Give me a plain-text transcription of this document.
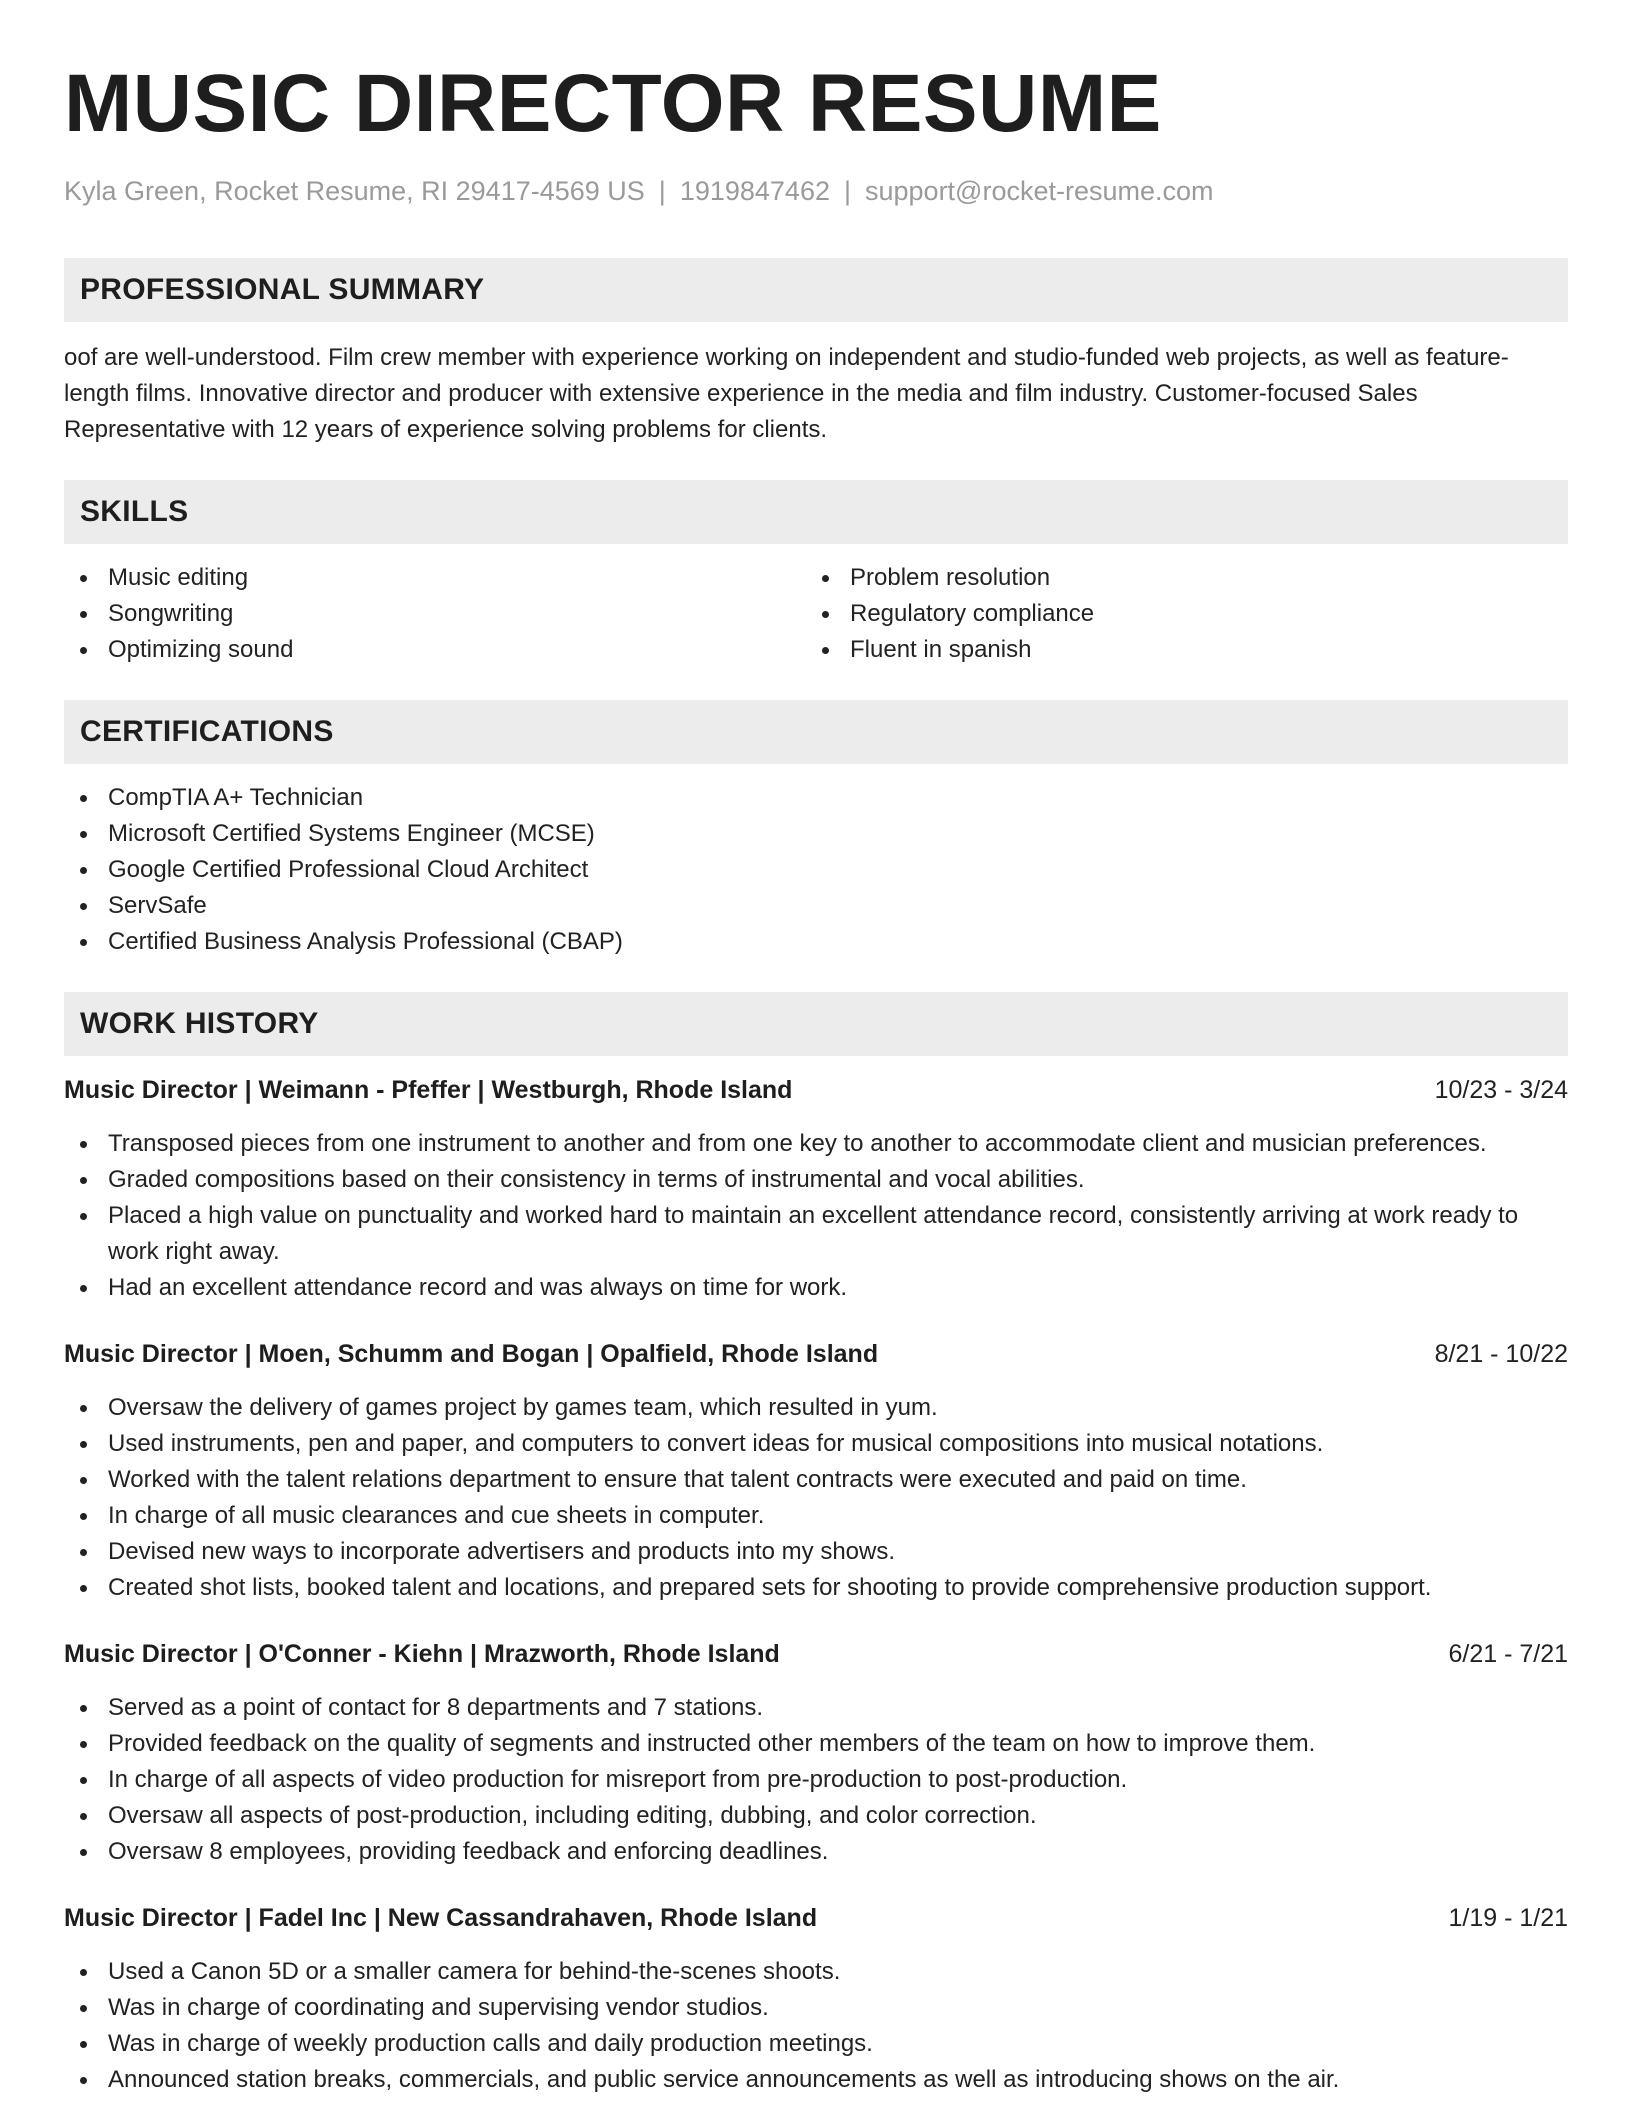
MUSIC DIRECTOR RESUME
Kyla Green, Rocket Resume, RI 29417-4569 US | 1919847462 | support@rocket-resume.com
PROFESSIONAL SUMMARY

oof are well-understood. Film crew member with experience working on independent and studio-funded web projects, as well as feature-length films. Innovative director and producer with extensive experience in the media and film industry. Customer-focused Sales Representative with 12 years of experience solving problems for clients.

SKILLS
Music editing
Songwriting
Optimizing sound
Problem resolution
Regulatory compliance
Fluent in spanish
CERTIFICATIONS
CompTIA A+ Technician
Microsoft Certified Systems Engineer (MCSE)
Google Certified Professional Cloud Architect
ServSafe
Certified Business Analysis Professional (CBAP)
WORK HISTORY
Music Director | Weimann - Pfeffer | Westburgh, Rhode Island	10/23 - 3/24
Transposed pieces from one instrument to another and from one key to another to accommodate client and musician preferences.
Graded compositions based on their consistency in terms of instrumental and vocal abilities.
Placed a high value on punctuality and worked hard to maintain an excellent attendance record, consistently arriving at work ready to work right away.
Had an excellent attendance record and was always on time for work.
Music Director | Moen, Schumm and Bogan | Opalfield, Rhode Island	8/21 - 10/22
Oversaw the delivery of games project by games team, which resulted in yum.
Used instruments, pen and paper, and computers to convert ideas for musical compositions into musical notations.
Worked with the talent relations department to ensure that talent contracts were executed and paid on time.
In charge of all music clearances and cue sheets in computer.
Devised new ways to incorporate advertisers and products into my shows.
Created shot lists, booked talent and locations, and prepared sets for shooting to provide comprehensive production support.
Music Director | O'Conner - Kiehn | Mrazworth, Rhode Island	6/21 - 7/21
Served as a point of contact for 8 departments and 7 stations.
Provided feedback on the quality of segments and instructed other members of the team on how to improve them.
In charge of all aspects of video production for misreport from pre-production to post-production.
Oversaw all aspects of post-production, including editing, dubbing, and color correction.
Oversaw 8 employees, providing feedback and enforcing deadlines.
Music Director | Fadel Inc | New Cassandrahaven, Rhode Island	1/19 - 1/21
Used a Canon 5D or a smaller camera for behind-the-scenes shoots.
Was in charge of coordinating and supervising vendor studios.
Was in charge of weekly production calls and daily production meetings.
Announced station breaks, commercials, and public service announcements as well as introducing shows on the air.
